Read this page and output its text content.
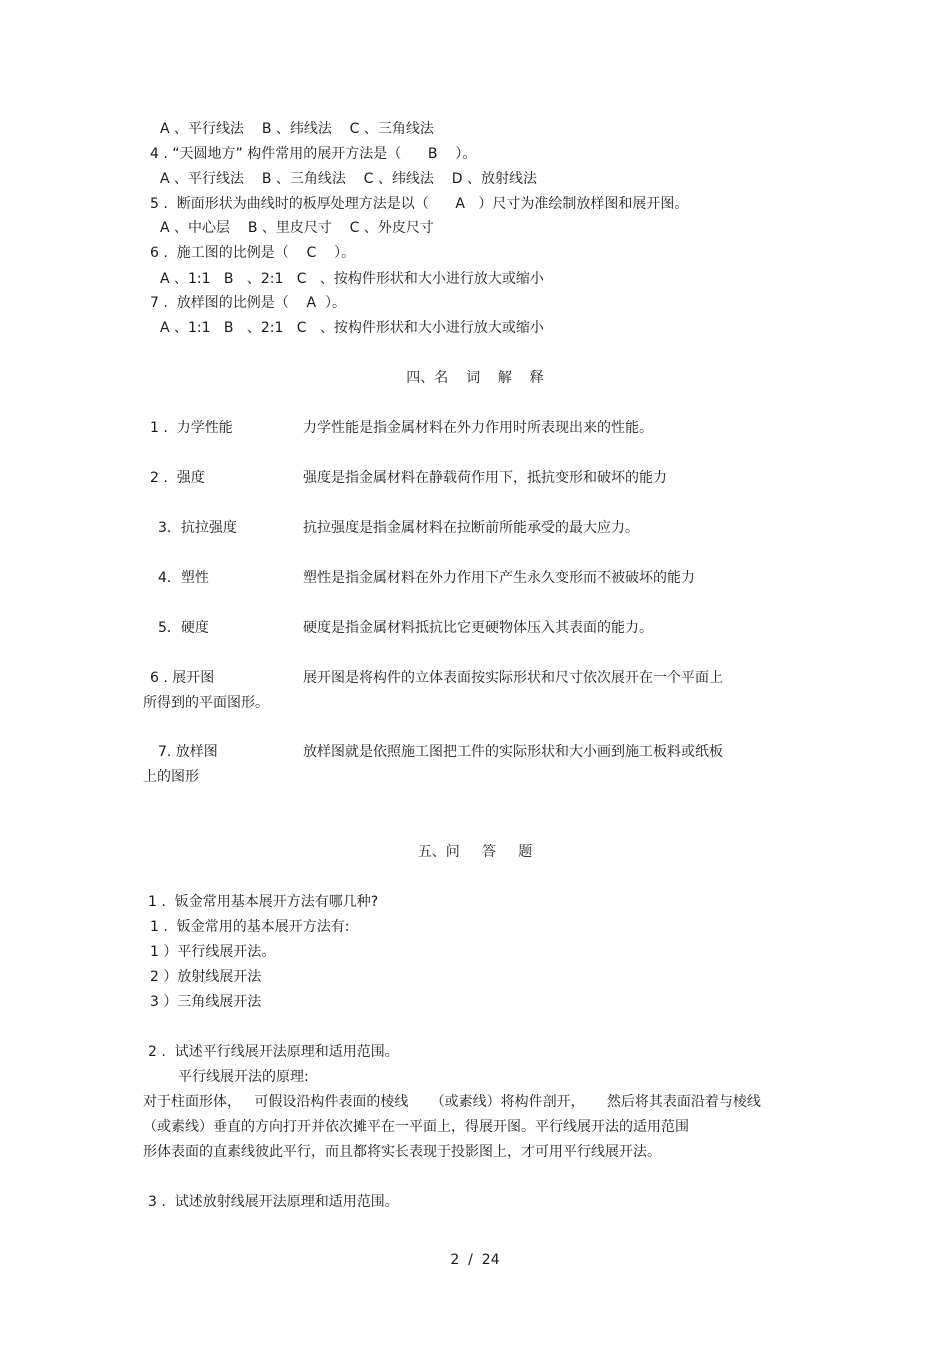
A 、平行线法    B 、纬线法    C 、三角线法
4 . “天圆地方” 构件常用的展开方法是（      B    ）。
A 、平行线法    B 、三角线法    C 、纬线法    D 、放射线法
5 .  断面形状为曲线时的板厚处理方法是以（      A   ）尺寸为准绘制放样图和展开图。
A 、中心层    B 、里皮尺寸    C 、外皮尺寸
6 .  施工图的比例是（    C    ）。
A 、1:1   B   、2:1   C   、按构件形状和大小进行放大或缩小
7 .  放样图的比例是（    A  ）。
A 、1:1   B   、2:1   C   、按构件形状和大小进行放大或缩小
四、名    词    解    释
1 .  力学性能	力学性能是指金属材料在外力作用时所表现出来的性能。
2 .  强度	强度是指金属材料在静载荷作用下，抵抗变形和破坏的能力
3．抗拉强度	抗拉强度是指金属材料在拉断前所能承受的最大应力。
4．塑性	塑性是指金属材料在外力作用下产生永久变形而不被破坏的能力
5．硬度	硬度是指金属材料抵抗比它更硬物体压入其表面的能力。
6 . 展开图	展开图是将构件的立体表面按实际形状和尺寸依次展开在一个平面上
所得到的平面图形。
7. 放样图	放样图就是依照施工图把工件的实际形状和大小画到施工板料或纸板
上的图形
五、问     答     题
1 .  钣金常用基本展开方法有哪几种?
1 .  钣金常用的基本展开方法有:
1 ）平行线展开法。
2 ）放射线展开法
3 ）三角线展开法
2 .  试述平行线展开法原理和适用范围。
平行线展开法的原理:
对于柱面形体，   可假设沿构件表面的棱线     （或素线）将构件剖开，     然后将其表面沿着与棱线
（或素线）垂直的方向打开并依次摊平在一平面上，得展开图。平行线展开法的适用范围
形体表面的直素线彼此平行，而且都将实长表现于投影图上，才可用平行线展开法。
3 .  试述放射线展开法原理和适用范围。
2  /  24
